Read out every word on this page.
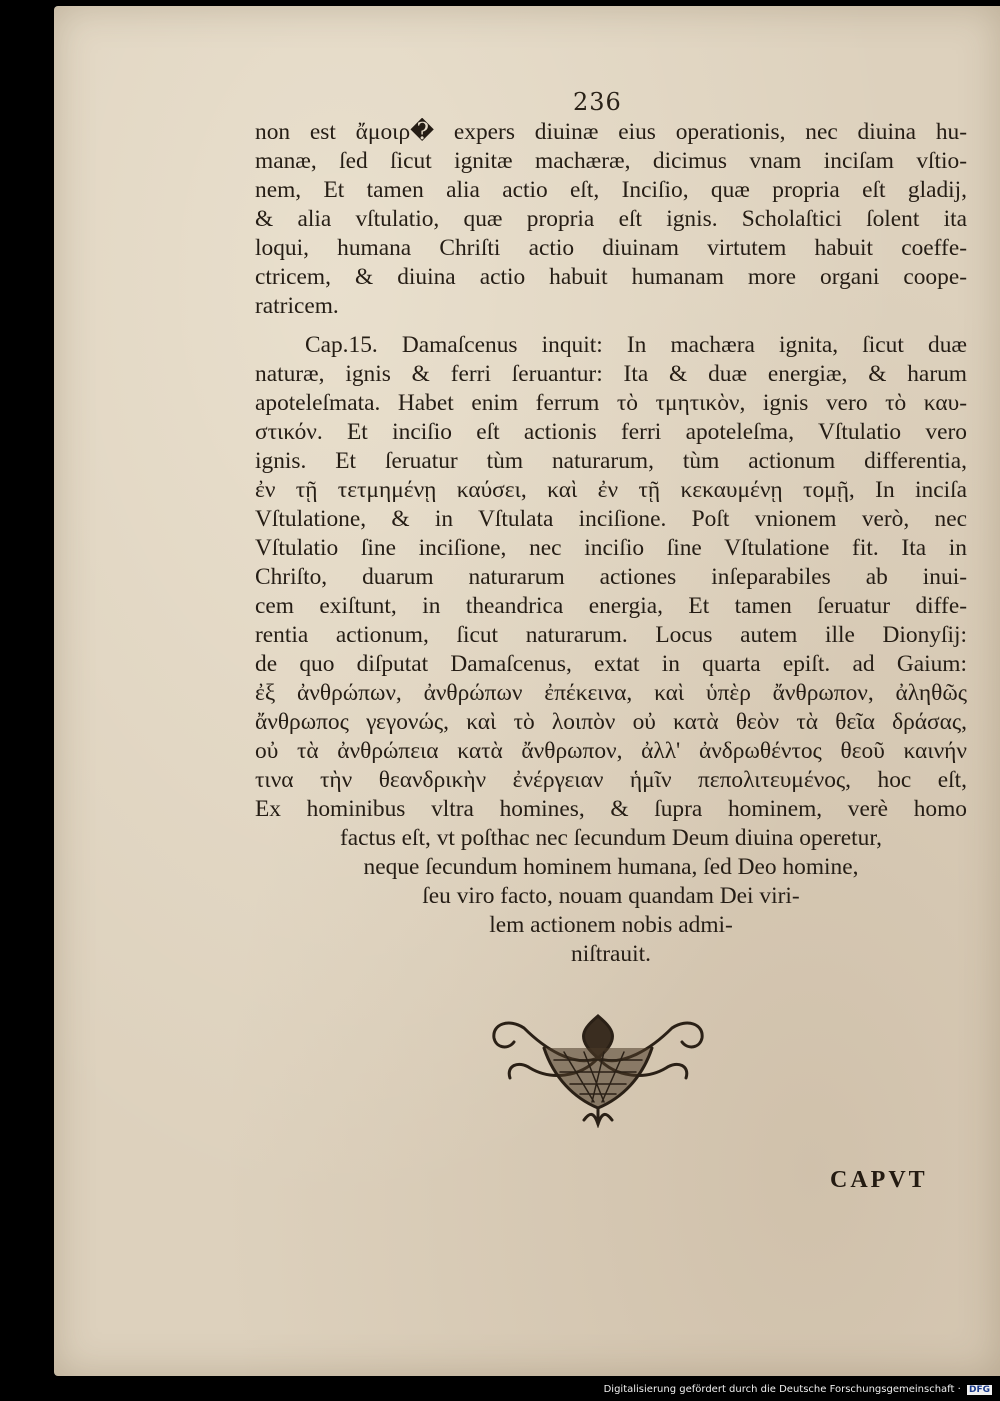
236
non est ἄμοιρ� expers diuinæ eius operationis, nec diuina hu-
manæ, ſed ſicut ignitæ machæræ, dicimus vnam inciſam vſtio-
nem, Et tamen alia actio eſt, Inciſio, quæ propria eſt gladij,
& alia vſtulatio, quæ propria eſt ignis. Scholaſtici ſolent ita
loqui, humana Chriſti actio diuinam virtutem habuit coeffe-
ctricem, & diuina actio habuit humanam more organi coope-
ratricem.
Cap.15. Damaſcenus inquit: In machæra ignita, ſicut duæ
naturæ, ignis & ferri ſeruantur: Ita & duæ energiæ, & harum
apoteleſmata. Habet enim ferrum τὸ τμητικὸν, ignis vero τὸ καυ-
στικόν. Et inciſio eſt actionis ferri apoteleſma, Vſtulatio vero
ignis. Et ſeruatur tùm naturarum, tùm actionum differentia,
ἐν τῇ τετμημένῃ καύσει, καὶ ἐν τῇ κεκαυμένῃ τομῇ, In inciſa
Vſtulatione, & in Vſtulata inciſione. Poſt vnionem verò, nec
Vſtulatio ſine inciſione, nec inciſio ſine Vſtulatione fit. Ita in
Chriſto, duarum naturarum actiones inſeparabiles ab inui-
cem exiſtunt, in theandrica energia, Et tamen ſeruatur diffe-
rentia actionum, ſicut naturarum. Locus autem ille Dionyſij:
de quo diſputat Damaſcenus, extat in quarta epiſt. ad Gaium:
ἐξ ἀνθρώπων, ἀνθρώπων ἐπέκεινα, καὶ ὑπὲρ ἄνθρωπον, ἀληθῶς
ἄνθρωπος γεγονώς, καὶ τὸ λοιπὸν οὐ κατὰ θεὸν τὰ θεῖα δράσας,
οὐ τὰ ἀνθρώπεια κατὰ ἄνθρωπον, ἀλλ' ἀνδρωθέντος θεοῦ καινήν
τινα τὴν θεανδρικὴν ἐνέργειαν ἡμῖν πεπολιτευμένος, hoc eſt,
Ex hominibus vltra homines, & ſupra hominem, verè homo
factus eſt, vt poſthac nec ſecundum Deum diuina operetur,
neque ſecundum hominem humana, ſed Deo homine,
ſeu viro facto, nouam quandam Dei viri-
lem actionem nobis admi-
niſtrauit.
CAPVT
Digitalisierung gefördert durch die Deutsche Forschungsgemeinschaft · DFG
